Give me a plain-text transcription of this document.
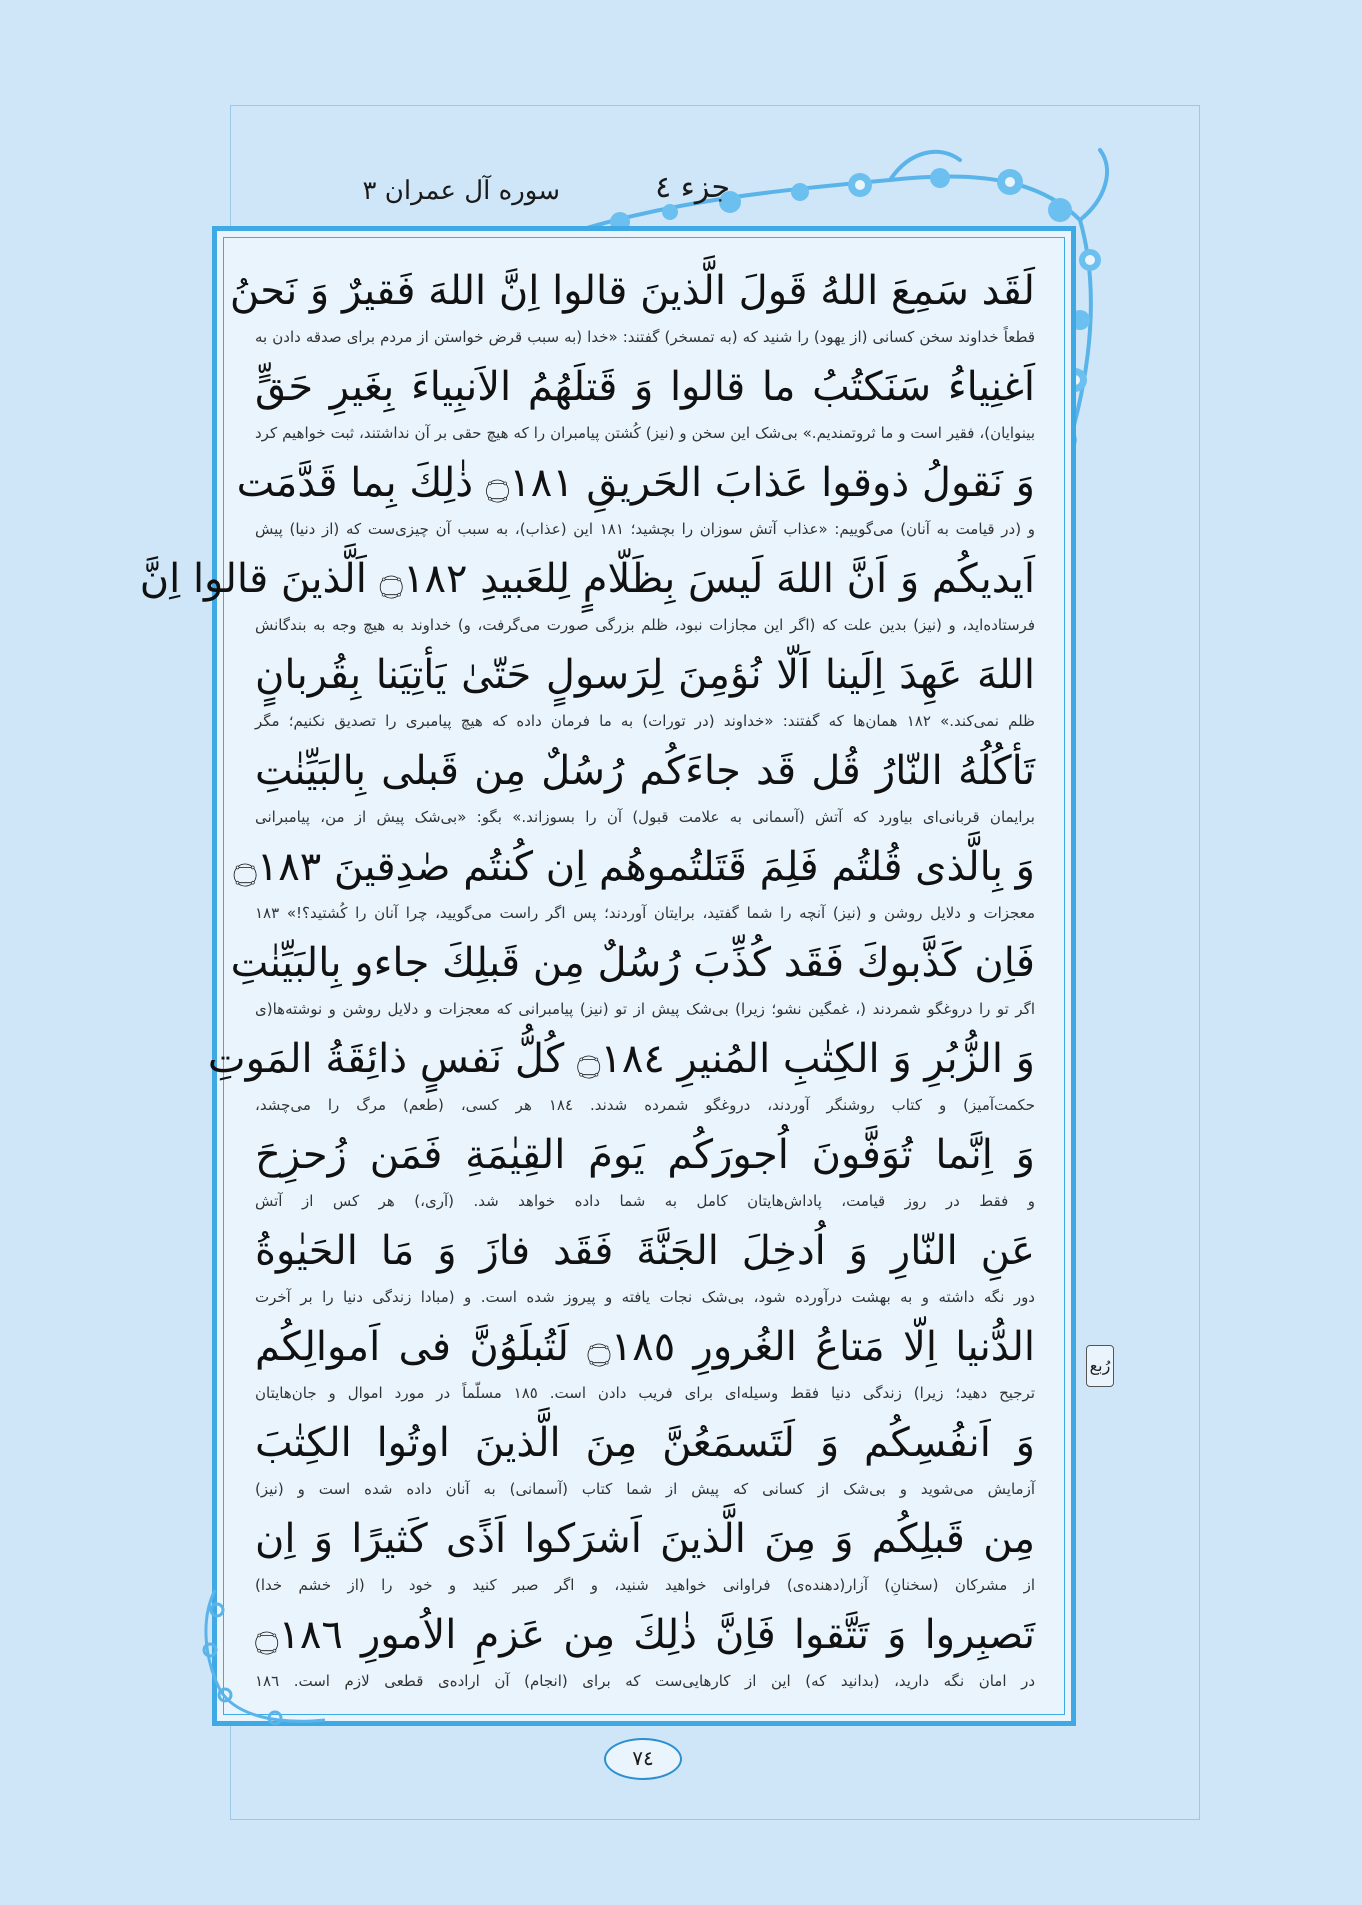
جزء ٤
سوره آل عمران ٣
لَقَد سَمِعَ اللهُ قَولَ الَّذینَ قالوا اِنَّ اللهَ فَقیرٌ وَ نَحنُ
قطعاً خداوند سخن کسانی (از یهود) را شنید که (به تمسخر) گفتند: «خدا (به سبب قرض خواستن از مردم برای صدقه دادن به
اَغنِیاءُ سَنَکتُبُ ما قالوا وَ قَتلَهُمُ الاَنبِیاءَ بِغَیرِ حَقٍّ
بینوایان)، فقیر است و ما ثروتمندیم.» بی‌شک این سخن و (نیز) کُشتن پیامبران را که هیچ حقی بر آن نداشتند، ثبت خواهیم کرد
وَ نَقولُ ذوقوا عَذابَ الحَریقِ ۝١٨١ ذٰلِكَ بِما قَدَّمَت
و (در قیامت به آنان) می‌گوییم: «عذاب آتش سوزان را بچشید؛ ١٨١ این (عذاب)، به سبب آن چیزی‌ست که (از دنیا) پیش
اَیدیکُم وَ اَنَّ اللهَ لَیسَ بِظَلّامٍ لِلعَبیدِ ۝١٨٢ اَلَّذینَ قالوا اِنَّ
فرستاده‌اید، و (نیز) بدین علت که (اگر این مجازات نبود، ظلم بزرگی صورت می‌گرفت، و) خداوند به هیچ وجه به بندگانش
اللهَ عَهِدَ اِلَینا اَلّا نُؤمِنَ لِرَسولٍ حَتّیٰ یَأتِیَنا بِقُربانٍ
ظلم نمی‌کند.» ١٨٢ همان‌ها که گفتند: «خداوند (در تورات) به ما فرمان داده که هیچ پیامبری را تصدیق نکنیم؛ مگر
تَأکُلُهُ النّارُ قُل قَد جاءَکُم رُسُلٌ مِن قَبلی بِالبَیِّنٰتِ
برایمان قربانی‌ای بیاورد که آتش (آسمانی به علامت قبول) آن را بسوزاند.» بگو: «بی‌شک پیش از من، پیامبرانی
وَ بِالَّذی قُلتُم فَلِمَ قَتَلتُموهُم اِن کُنتُم صٰدِقینَ ۝١٨٣
معجزات و دلایل روشن و (نیز) آنچه را شما گفتید، برایتان آوردند؛ پس اگر راست می‌گویید، چرا آنان را کُشتید؟!» ١٨٣
فَاِن کَذَّبوكَ فَقَد کُذِّبَ رُسُلٌ مِن قَبلِكَ جاءو بِالبَیِّنٰتِ
اگر تو را دروغگو شمردند (، غمگین نشو؛ زیرا) بی‌شک پیش از تو (نیز) پیامبرانی که معجزات و دلایل روشن و نوشته‌ها(ی
وَ الزُّبُرِ وَ الکِتٰبِ المُنیرِ ۝١٨٤ کُلُّ نَفسٍ ذائِقَةُ المَوتِ
حکمت‌آمیز) و کتاب روشنگر آوردند، دروغگو شمرده شدند. ١٨٤ هر کسی، (طعم) مرگ را می‌چشد،
وَ اِنَّما تُوَفَّونَ اُجورَکُم یَومَ القِیٰمَةِ فَمَن زُحزِحَ
و فقط در روز قیامت، پاداش‌هایتان کامل به شما داده خواهد شد. (آری،) هر کس از آتش
عَنِ النّارِ وَ اُدخِلَ الجَنَّةَ فَقَد فازَ وَ مَا الحَیٰوةُ
دور نگه داشته و به بهشت درآورده شود، بی‌شک نجات یافته و پیروز شده است. و (مبادا زندگی دنیا را بر آخرت
الدُّنیا اِلّا مَتاعُ الغُرورِ ۝١٨٥ لَتُبلَوُنَّ فی اَموالِکُم
ترجیح دهید؛ زیرا) زندگی دنیا فقط وسیله‌ای برای فریب دادن است. ١٨٥ مسلّماً در مورد اموال و جان‌هایتان
وَ اَنفُسِکُم وَ لَتَسمَعُنَّ مِنَ الَّذینَ اوتُوا الکِتٰبَ
آزمایش می‌شوید و بی‌شک از کسانی که پیش از شما کتاب (آسمانی) به آنان داده شده است و (نیز)
مِن قَبلِکُم وَ مِنَ الَّذینَ اَشرَکوا اَذًی کَثیرًا وَ اِن
از مشرکان (سخنانِ) آزار(دهنده‌ی) فراوانی خواهید شنید، و اگر صبر کنید و خود را (از خشم خدا)
تَصبِروا وَ تَتَّقوا فَاِنَّ ذٰلِكَ مِن عَزمِ الاُمورِ ۝١٨٦
در امان نگه دارید، (بدانید که) این از کارهایی‌ست که برای (انجام) آن اراده‌ی قطعی لازم است. ١٨٦
رُبع
٧٤
